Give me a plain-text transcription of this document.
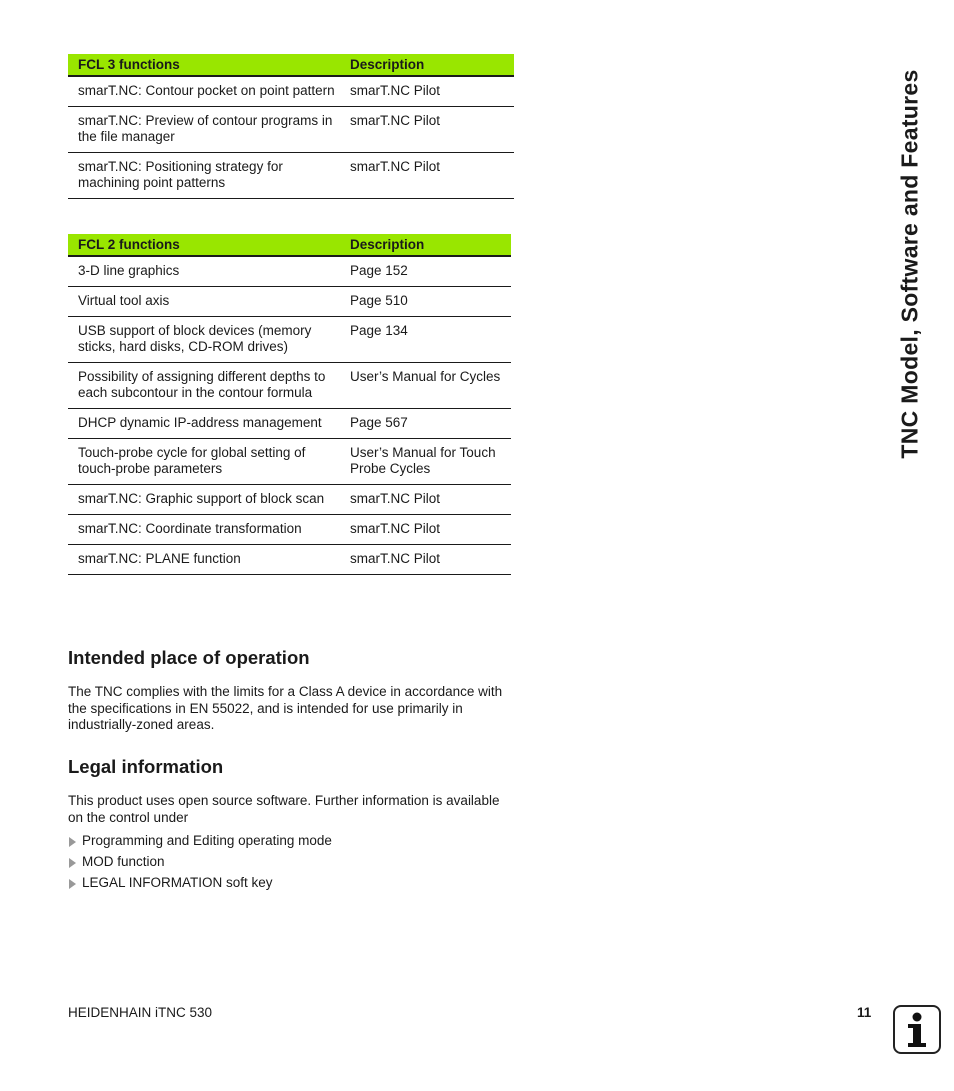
TNC Model, Software and Features
FCL 3 functions	Description
smarT.NC: Contour pocket on point pattern	smarT.NC Pilot
smarT.NC: Preview of contour programs in the file manager	smarT.NC Pilot
smarT.NC: Positioning strategy for machining point patterns	smarT.NC Pilot
FCL 2 functions	Description
3-D line graphics	Page 152
Virtual tool axis	Page 510
USB support of block devices (memory sticks, hard disks, CD-ROM drives)	Page 134
Possibility of assigning different depths to each subcontour in the contour formula	User’s Manual for Cycles
DHCP dynamic IP-address management	Page 567
Touch-probe cycle for global setting of touch-probe parameters	User’s Manual for Touch Probe Cycles
smarT.NC: Graphic support of block scan	smarT.NC Pilot
smarT.NC: Coordinate transformation	smarT.NC Pilot
smarT.NC: PLANE function	smarT.NC Pilot
Intended place of operation

The TNC complies with the limits for a Class A device in accordance with the specifications in EN 55022, and is intended for use primarily in industrially-zoned areas.

Legal information

This product uses open source software. Further information is available on the control under

Programming and Editing operating mode
MOD function
LEGAL INFORMATION soft key
HEIDENHAIN iTNC 530	11
